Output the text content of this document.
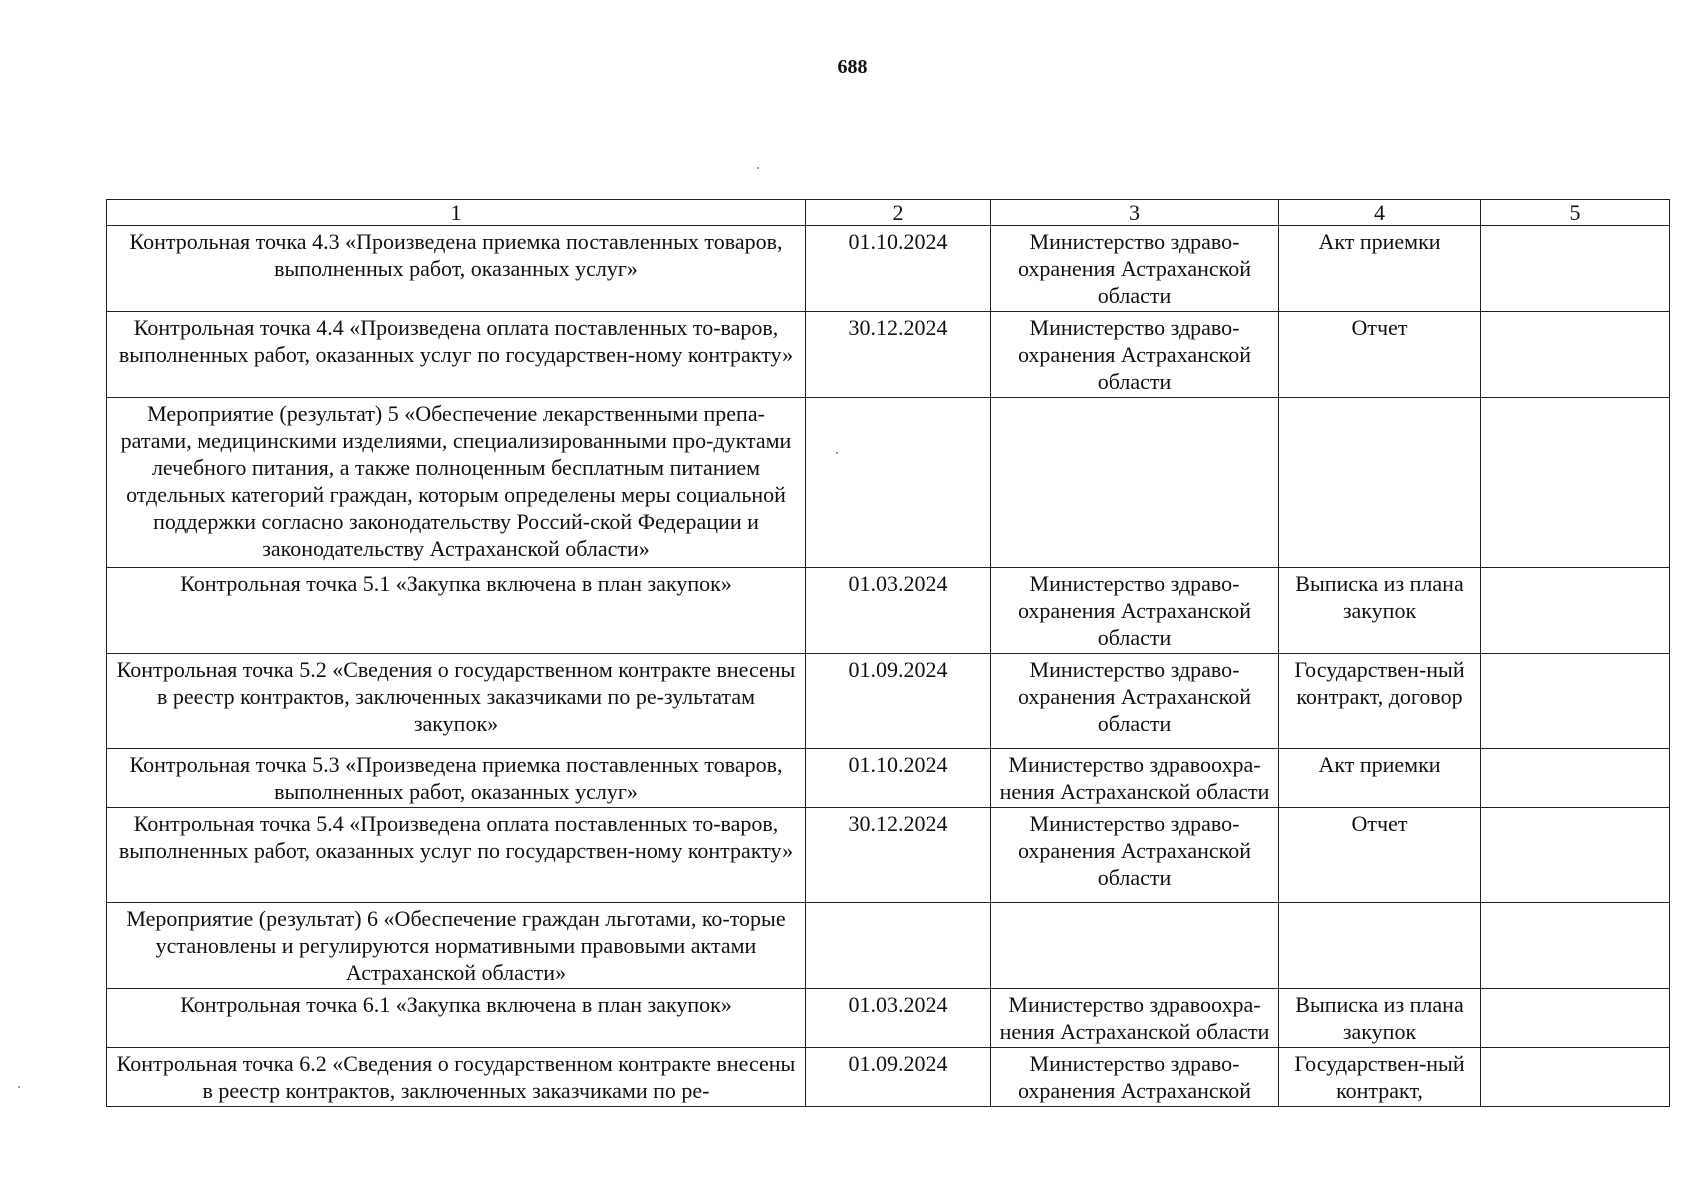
688
1	2	3	4	5
Контрольная точка 4.3 «Произведена приемка поставленных товаров, выполненных работ, оказанных услуг»	01.10.2024	Министерство здраво-охранения Астраханской области	Акт приемки	
Контрольная точка 4.4 «Произведена оплата поставленных то-варов, выполненных работ, оказанных услуг по государствен-ному контракту»	30.12.2024	Министерство здраво-охранения Астраханской области	Отчет	
Мероприятие (результат) 5 «Обеспечение лекарственными препа-ратами, медицинскими изделиями, специализированными про-дуктами лечебного питания, а также полноценным бесплатным питанием отдельных категорий граждан, которым определены меры социальной поддержки согласно законодательству Россий-ской Федерации и законодательству Астраханской области»				
Контрольная точка 5.1 «Закупка включена в план закупок»	01.03.2024	Министерство здраво-охранения Астраханской области	Выписка из плана закупок	
Контрольная точка 5.2 «Сведения о государственном контракте внесены в реестр контрактов, заключенных заказчиками по ре-зультатам закупок»	01.09.2024	Министерство здраво-охранения Астраханской области	Государствен-ный контракт, договор	
Контрольная точка 5.3 «Произведена приемка поставленных товаров, выполненных работ, оказанных услуг»	01.10.2024	Министерство здравоохра-нения Астраханской области	Акт приемки	
Контрольная точка 5.4 «Произведена оплата поставленных то-варов, выполненных работ, оказанных услуг по государствен-ному контракту»	30.12.2024	Министерство здраво-охранения Астраханской области	Отчет	
Мероприятие (результат) 6 «Обеспечение граждан льготами, ко-торые установлены и регулируются нормативными правовыми актами Астраханской области»				
Контрольная точка 6.1 «Закупка включена в план закупок»	01.03.2024	Министерство здравоохра-нения Астраханской области	Выписка из плана закупок	
Контрольная точка 6.2 «Сведения о государственном контракте внесены в реестр контрактов, заключенных заказчиками по ре-	01.09.2024	Министерство здраво-охранения Астраханской	Государствен-ный контракт,	
